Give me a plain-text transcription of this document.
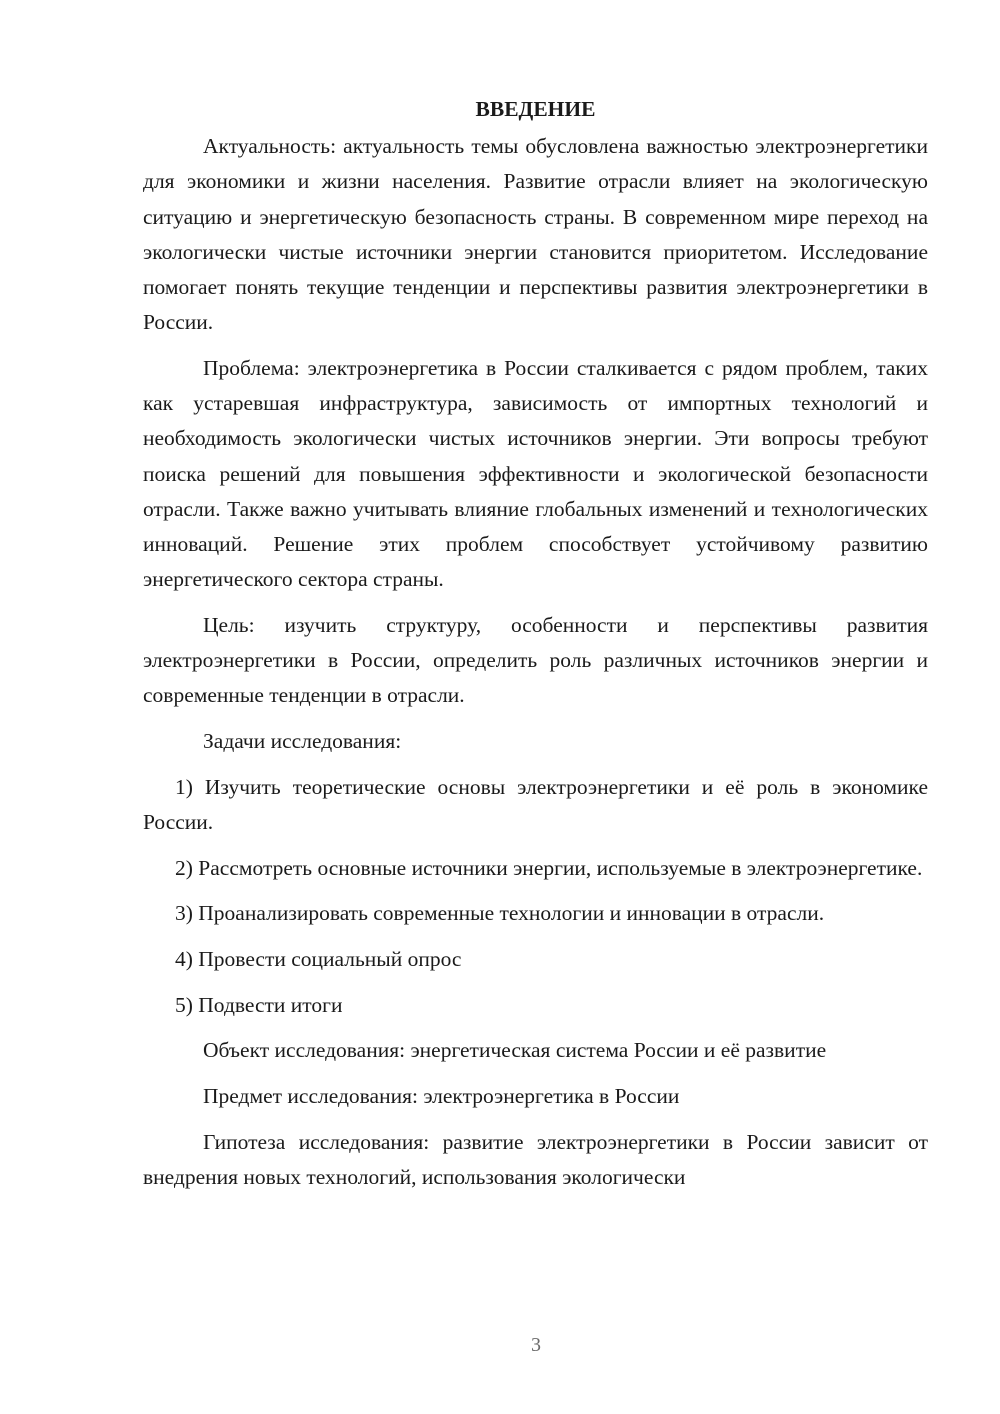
ВВЕДЕНИЕ

Актуальность: актуальность темы обусловлена важностью электроэнергетики для экономики и жизни населения. Развитие отрасли влияет на экологическую ситуацию и энергетическую безопасность страны. В современном мире переход на экологически чистые источники энергии становится приоритетом. Исследование помогает понять текущие тенденции и перспективы развития электроэнергетики в России.

Проблема: электроэнергетика в России сталкивается с рядом проблем, таких как устаревшая инфраструктура, зависимость от импортных технологий и необходимость экологически чистых источников энергии. Эти вопросы требуют поиска решений для повышения эффективности и экологической безопасности отрасли. Также важно учитывать влияние глобальных изменений и технологических инноваций. Решение этих проблем способствует устойчивому развитию энергетического сектора страны.

Цель: изучить структуру, особенности и перспективы развития электроэнергетики в России, определить роль различных источников энергии и современные тенденции в отрасли.

Задачи исследования:

1) Изучить теоретические основы электроэнергетики и её роль в экономике России.

2) Рассмотреть основные источники энергии, используемые в электроэнергетике.

3) Проанализировать современные технологии и инновации в отрасли.

4) Провести социальный опрос

5) Подвести итоги

Объект исследования: энергетическая система России и её развитие

Предмет исследования: электроэнергетика в России

Гипотеза исследования: развитие электроэнергетики в России зависит от внедрения новых технологий, использования экологически

3
